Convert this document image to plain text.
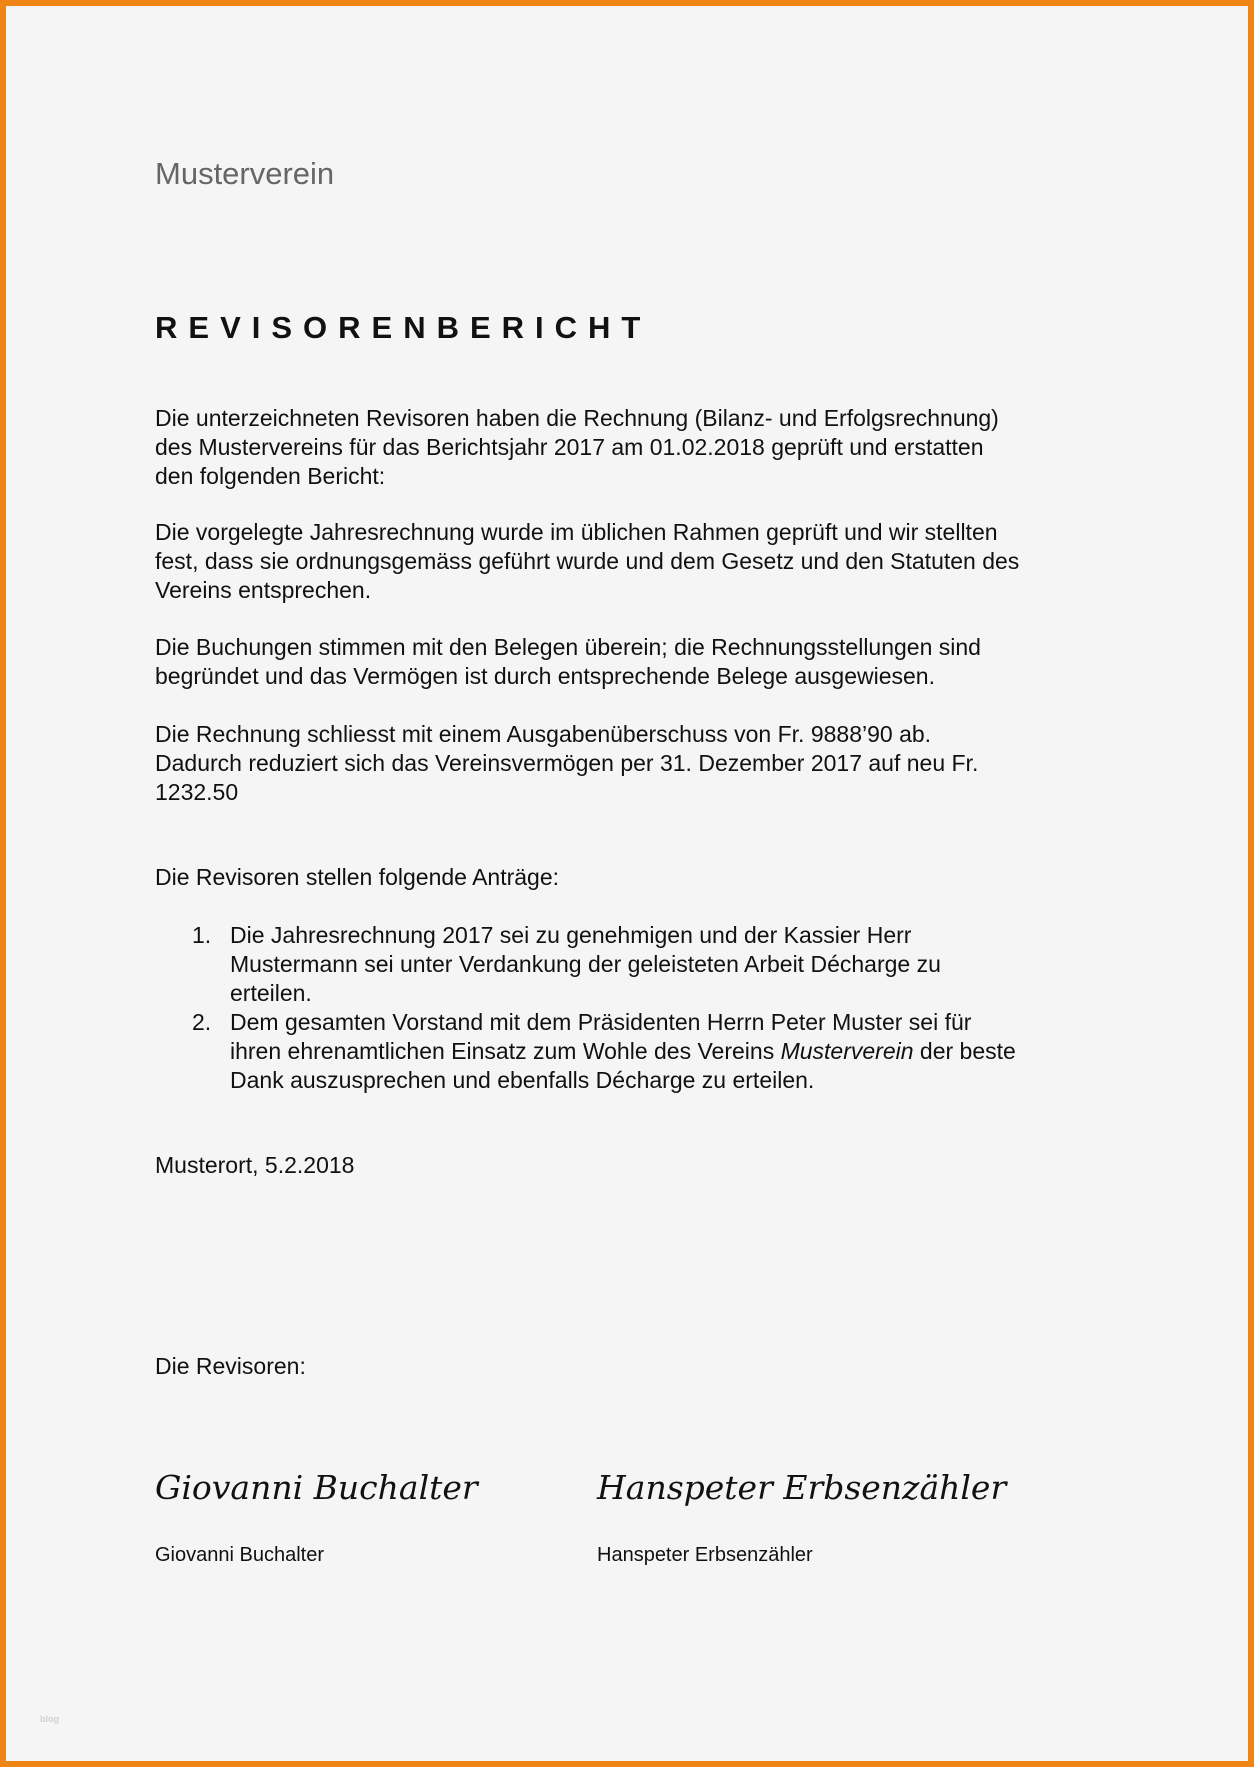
Musterverein
REVISORENBERICHT
Die unterzeichneten Revisoren haben die Rechnung (Bilanz- und Erfolgsrechnung)
des Mustervereins für das Berichtsjahr 2017 am 01.02.2018 geprüft und erstatten
den folgenden Bericht:
Die vorgelegte Jahresrechnung wurde im üblichen Rahmen geprüft und wir stellten
fest, dass sie ordnungsgemäss geführt wurde und dem Gesetz und den Statuten des
Vereins entsprechen.
Die Buchungen stimmen mit den Belegen überein; die Rechnungsstellungen sind
begründet und das Vermögen ist durch entsprechende Belege ausgewiesen.
Die Rechnung schliesst mit einem Ausgabenüberschuss von Fr. 9888’90 ab.
Dadurch reduziert sich das Vereinsvermögen per 31. Dezember 2017 auf neu Fr.
1232.50
Die Revisoren stellen folgende Anträge:
1. Die Jahresrechnung 2017 sei zu genehmigen und der Kassier Herr
Mustermann sei unter Verdankung der geleisteten Arbeit Décharge zu
erteilen.
2. Dem gesamten Vorstand mit dem Präsidenten Herrn Peter Muster sei für
ihren ehrenamtlichen Einsatz zum Wohle des Vereins Musterverein der beste
Dank auszusprechen und ebenfalls Décharge zu erteilen.
Musterort, 5.2.2018
Die Revisoren:
Giovanni Buchalter	Hanspeter Erbsenzähler
Giovanni Buchalter	Hanspeter Erbsenzähler
blog
